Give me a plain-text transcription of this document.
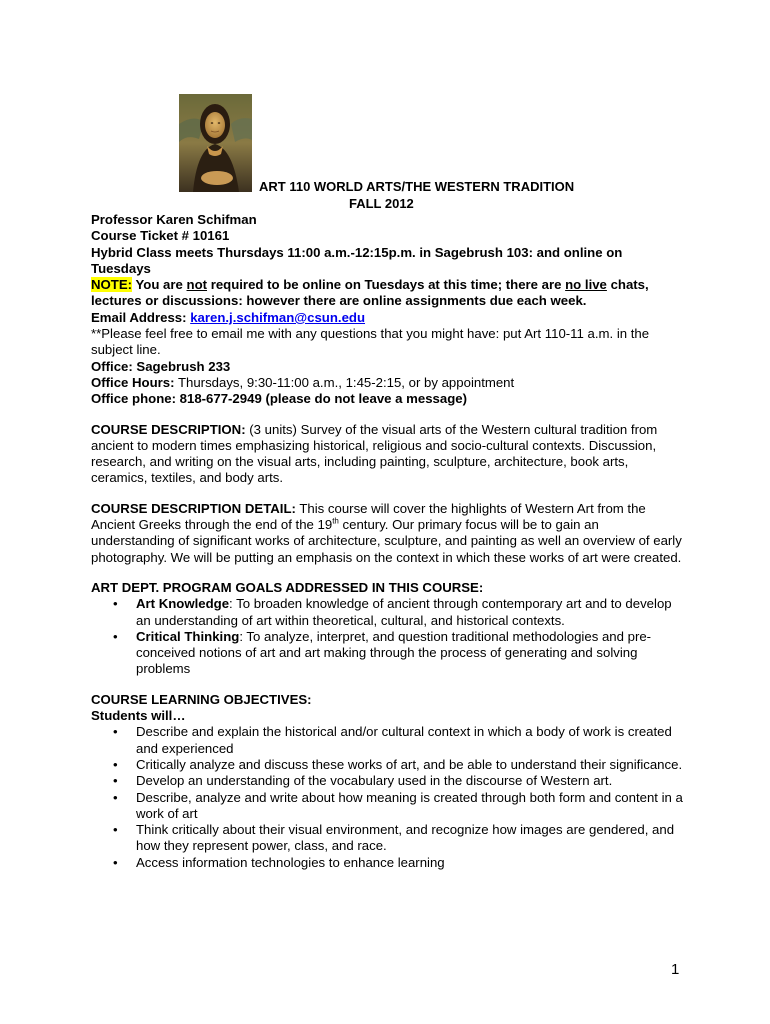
ART 110 WORLD ARTS/THE WESTERN TRADITION
FALL 2012

Professor Karen Schifman

Course Ticket # 10161

Hybrid Class meets Thursdays 11:00 a.m.-12:15p.m. in Sagebrush 103: and online on Tuesdays

NOTE: You are not required to be online on Tuesdays at this time; there are no live chats, lectures or discussions: however there are online assignments due each week.

Email Address: karen.j.schifman@csun.edu

**Please feel free to email me with any questions that you might have: put Art 110-11 a.m. in the subject line.

Office: Sagebrush 233

Office Hours: Thursdays, 9:30-11:00 a.m., 1:45-2:15, or by appointment

Office phone: 818-677-2949 (please do not leave a message)

COURSE DESCRIPTION: (3 units) Survey of the visual arts of the Western cultural tradition from ancient to modern times emphasizing historical, religious and socio-cultural contexts. Discussion, research, and writing on the visual arts, including painting, sculpture, architecture, book arts, ceramics, textiles, and body arts.

COURSE DESCRIPTION DETAIL: This course will cover the highlights of Western Art from the Ancient Greeks through the end of the 19th century. Our primary focus will be to gain an understanding of significant works of architecture, sculpture, and painting as well an overview of early photography. We will be putting an emphasis on the context in which these works of art were created.

ART DEPT. PROGRAM GOALS ADDRESSED IN THIS COURSE:

• Art Knowledge: To broaden knowledge of ancient through contemporary art and to develop an understanding of art within theoretical, cultural, and historical contexts.
• Critical Thinking: To analyze, interpret, and question traditional methodologies and pre-conceived notions of art and art making through the process of generating and solving problems

COURSE LEARNING OBJECTIVES:

Students will…

• Describe and explain the historical and/or cultural context in which a body of work is created and experienced
• Critically analyze and discuss these works of art, and be able to understand their significance.
• Develop an understanding of the vocabulary used in the discourse of Western art.
• Describe, analyze and write about how meaning is created through both form and content in a work of art
• Think critically about their visual environment, and recognize how images are gendered, and how they represent power, class, and race.
• Access information technologies to enhance learning
1
